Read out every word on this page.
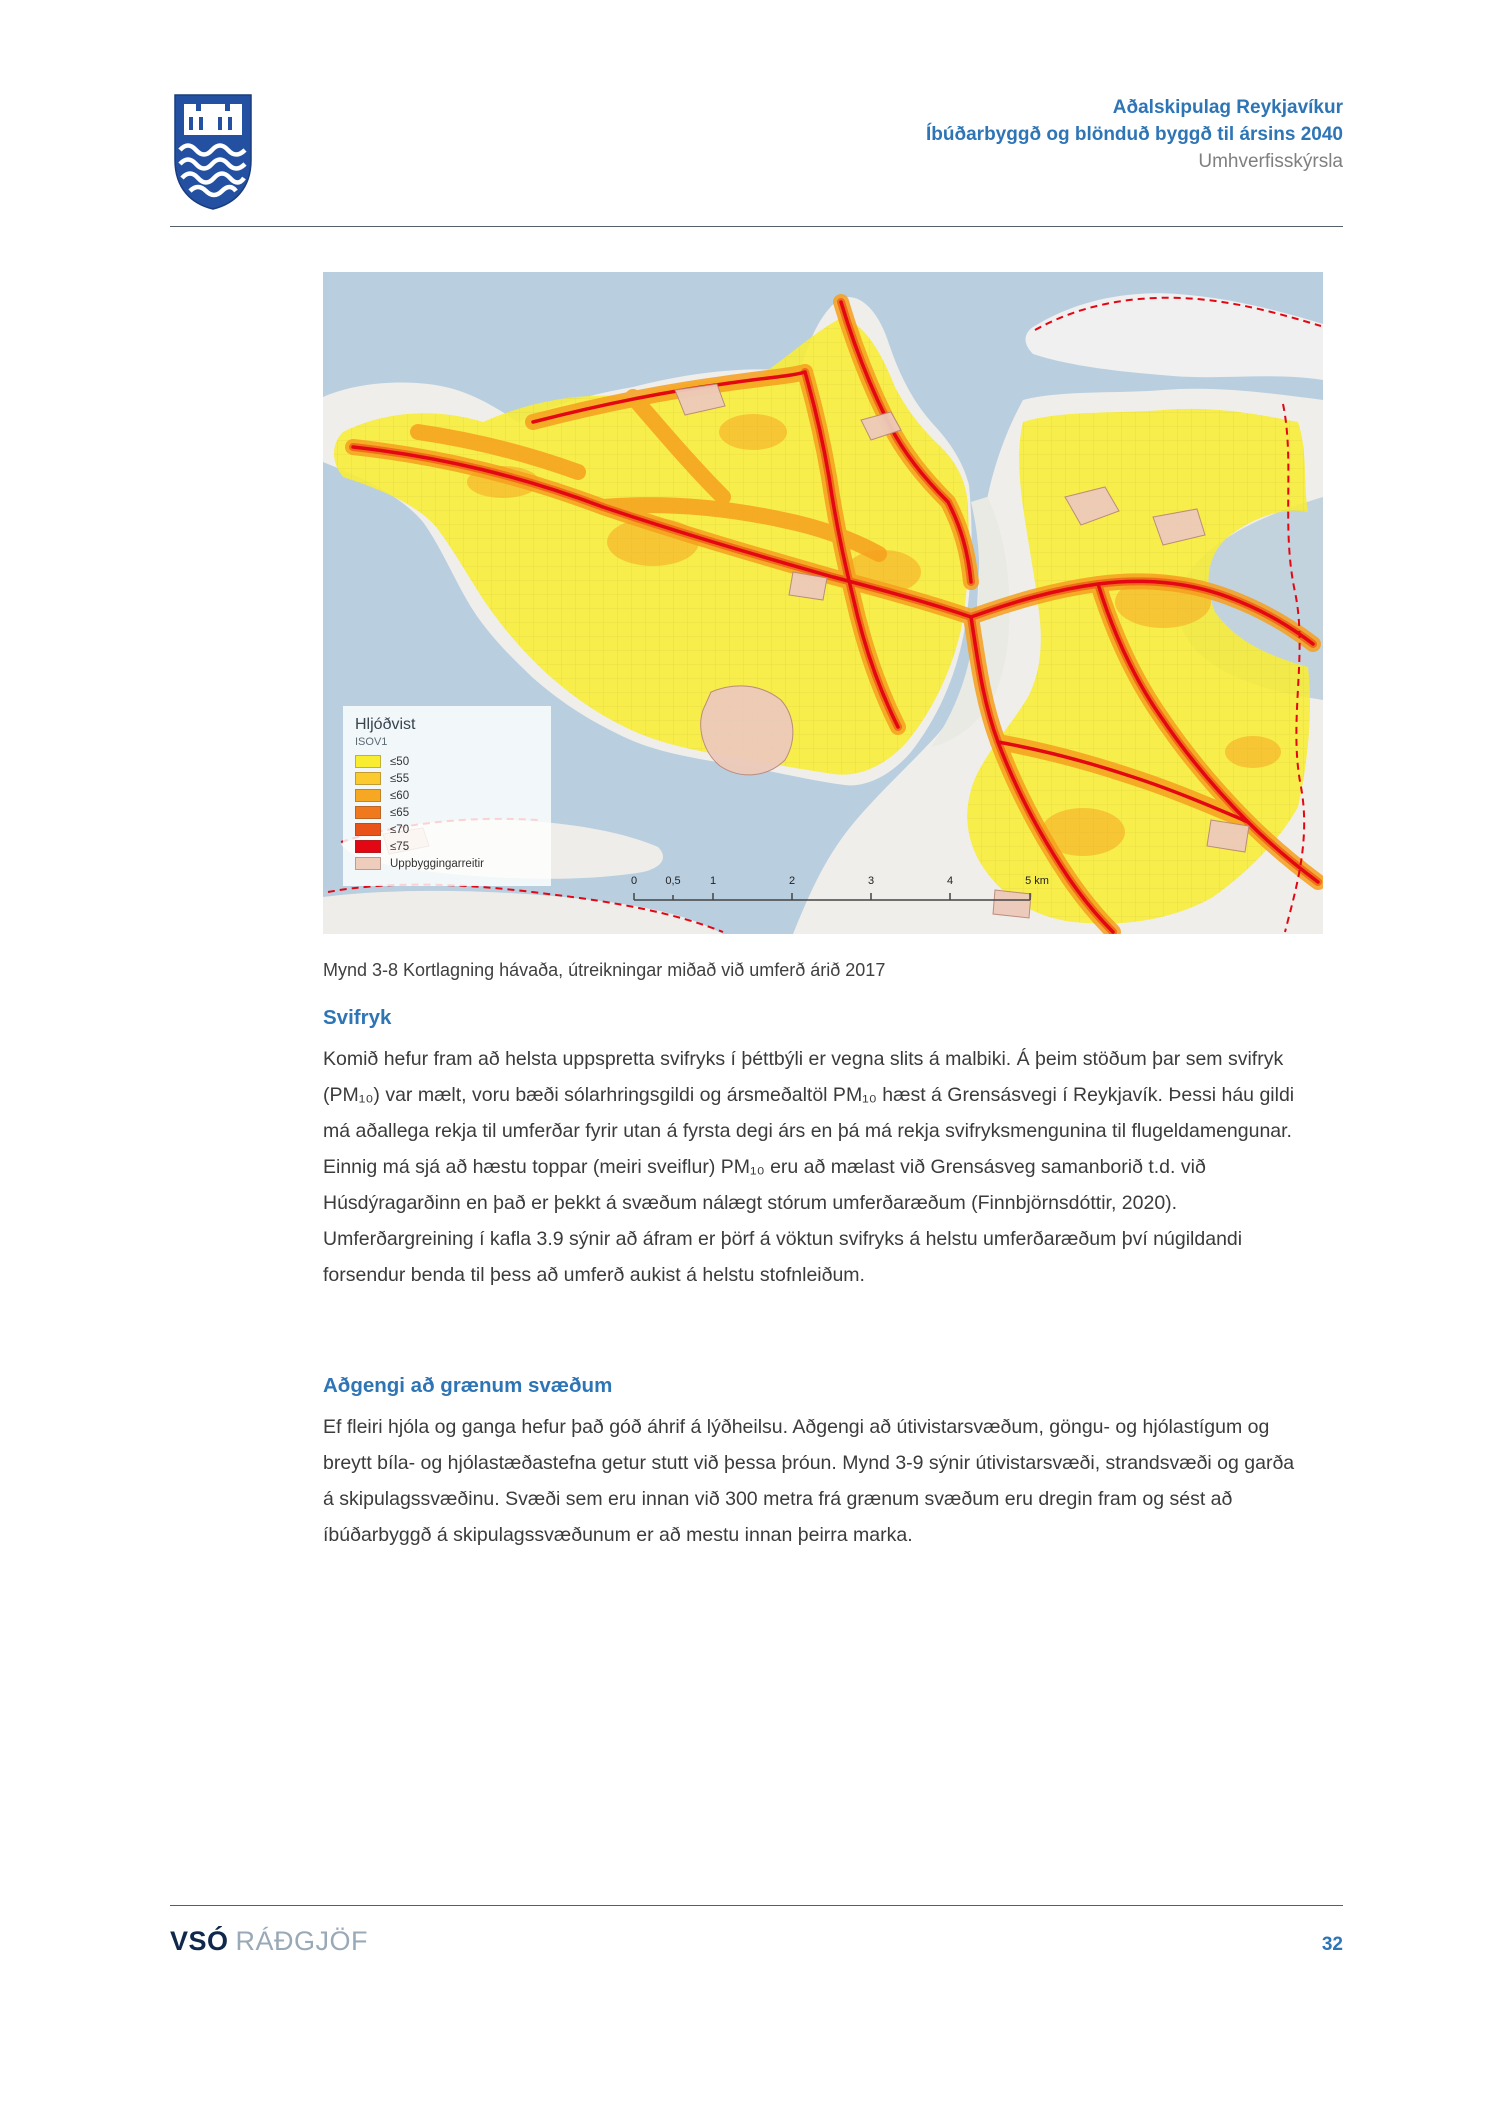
Aðalskipulag Reykjavíkur
Íbúðarbyggð og blönduð byggð til ársins 2040
Umhverfisskýrsla
Hljóðvist
ISOV1
≤50
≤55
≤60
≤65
≤70
≤75
Uppbyggingarreitir
0	0,5	1	2	3	4	5 km
Mynd 3-8 Kortlagning hávaða, útreikningar miðað við umferð árið 2017
Svifryk

Komið hefur fram að helsta uppspretta svifryks í þéttbýli er vegna slits á malbiki. Á þeim stöðum þar sem svifryk (PM₁₀) var mælt, voru bæði sólarhringsgildi og ársmeðaltöl PM₁₀ hæst á Grensásvegi í Reykjavík. Þessi háu gildi má aðallega rekja til umferðar fyrir utan á fyrsta degi árs en þá má rekja svifryksmengunina til flugeldamengunar. Einnig má sjá að hæstu toppar (meiri sveiflur) PM₁₀ eru að mælast við Grensásveg samanborið t.d. við Húsdýragarðinn en það er þekkt á svæðum nálægt stórum umferðaræðum (Finnbjörnsdóttir, 2020). Umferðargreining í kafla 3.9 sýnir að áfram er þörf á vöktun svifryks á helstu umferðaræðum því núgildandi forsendur benda til þess að umferð aukist á helstu stofnleiðum.

Aðgengi að grænum svæðum

Ef fleiri hjóla og ganga hefur það góð áhrif á lýðheilsu. Aðgengi að útivistarsvæðum, göngu- og hjólastígum og breytt bíla- og hjólastæðastefna getur stutt við þessa þróun. Mynd 3-9 sýnir útivistarsvæði, strandsvæði og garða á skipulagssvæðinu. Svæði sem eru innan við 300 metra frá grænum svæðum eru dregin fram og sést að íbúðarbyggð á skipulagssvæðunum er að mestu innan þeirra marka.

VSÓ RÁÐGJÖF	32
